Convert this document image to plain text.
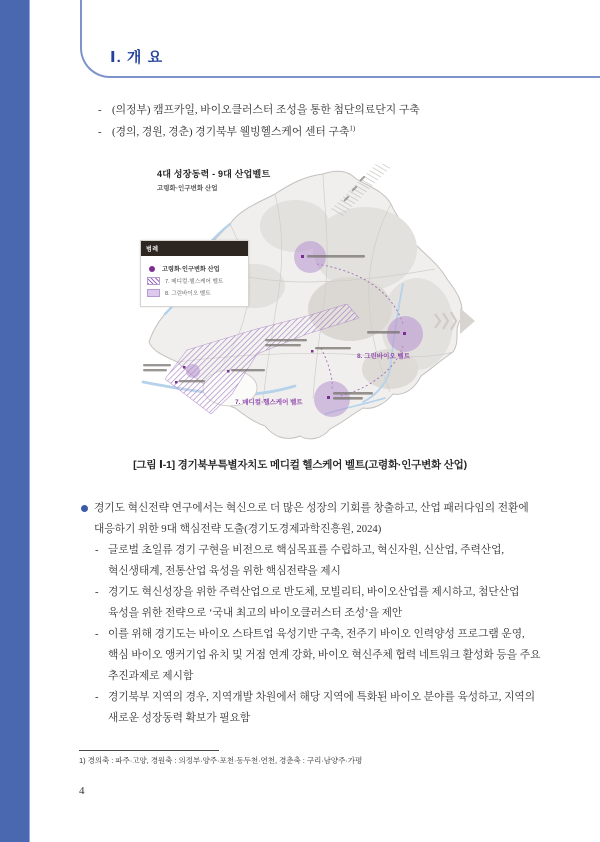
Ⅰ. 개 요
- (의정부) 캠프카일, 바이오클러스터 조성을 통한 첨단의료단지 구축
- (경의, 경원, 경춘) 경기북부 웰빙헬스케어 센터 구축$^{1)}$
8. 그린바이오 벨트
7. 메디컬·헬스케어 벨트
4대 성장동력 - 9대 산업벨트
고령화·인구변화 산업
범례
고령화·인구변화 산업
7. 메디컬·헬스케어 벨트
8. 그린바이오 벨트
[그림 Ⅰ-1] 경기북부특별자치도 메디컬 헬스케어 벨트(고령화·인구변화 산업)
경기도 혁신전략 연구에서는 혁신으로 더 많은 성장의 기회를 창출하고, 산업 패러다임의 전환에 대응하기 위한 9대 핵심전략 도출(경기도경제과학진흥원, 2024)
- 글로벌 초일류 경기 구현을 비전으로 핵심목표를 수립하고, 혁신자원, 신산업, 주력산업, 혁신생태계, 전통산업 육성을 위한 핵심전략을 제시
- 경기도 혁신성장을 위한 주력산업으로 반도체, 모빌리티, 바이오산업를 제시하고, 첨단산업 육성을 위한 전략으로 ‘국내 최고의 바이오클러스터 조성’을 제안
- 이를 위해 경기도는 바이오 스타트업 육성기반 구축, 전주기 바이오 인력양성 프로그램 운영, 핵심 바이오 앵커기업 유치 및 거점 연계 강화, 바이오 혁신주체 협력 네트워크 활성화 등을 주요 추진과제로 제시함
- 경기북부 지역의 경우, 지역개발 차원에서 해당 지역에 특화된 바이오 분야를 육성하고, 지역의 새로운 성장동력 확보가 필요함
1) 경의축 : 파주·고양, 경원축 : 의정부·양주·포천·동두천·연천, 경춘축 : 구리·남양주·가평
4
